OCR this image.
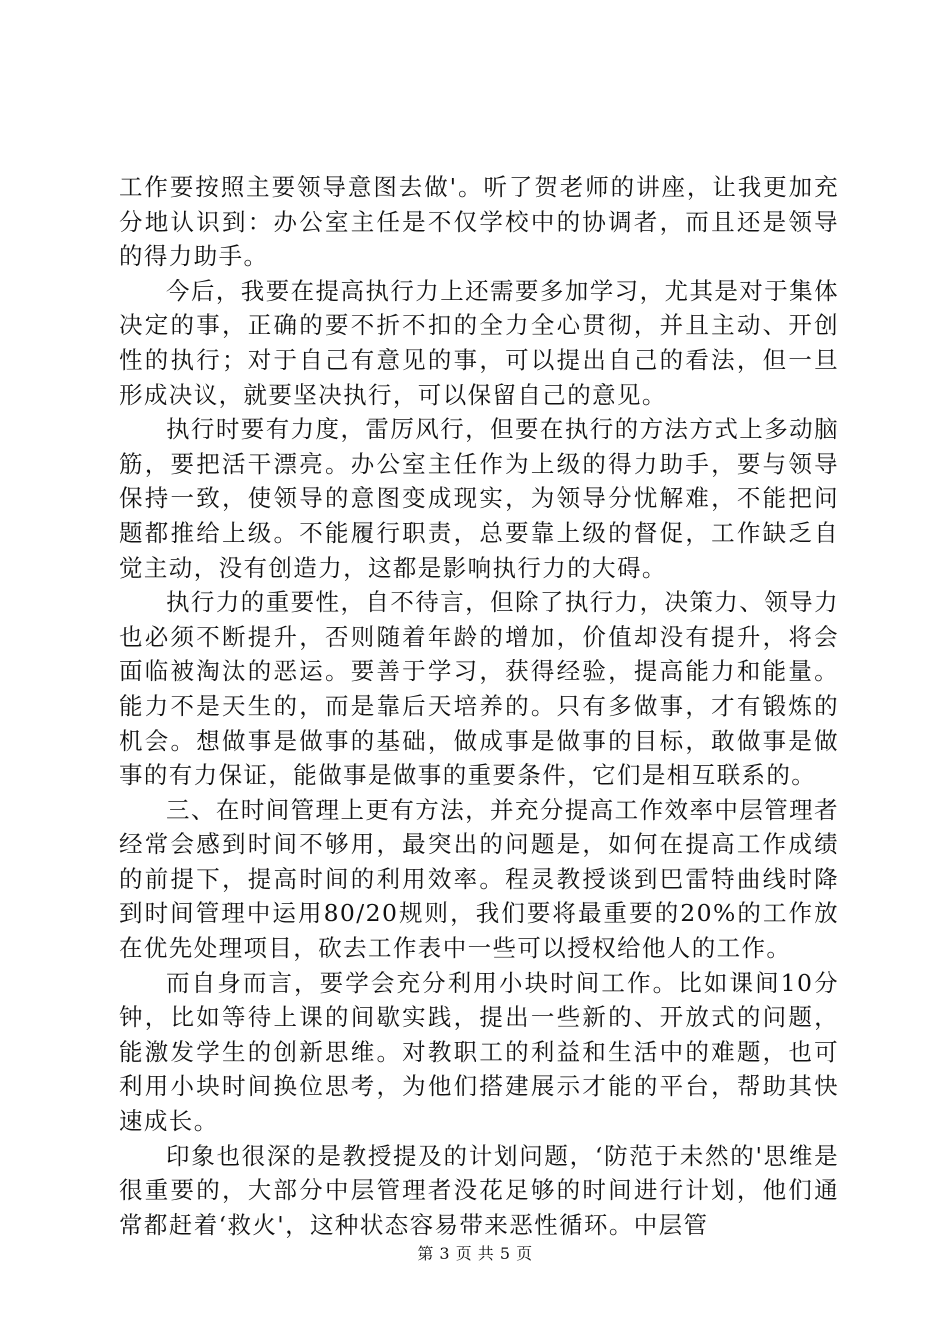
工作要按照主要领导意图去做'。听了贺老师的讲座，让我更加充分地认识到：办公室主任是不仅学校中的协调者，而且还是领导的得力助手。

今后，我要在提高执行力上还需要多加学习，尤其是对于集体决定的事，正确的要不折不扣的全力全心贯彻，并且主动、开创性的执行；对于自己有意见的事，可以提出自己的看法，但一旦形成决议，就要坚决执行，可以保留自己的意见。

执行时要有力度，雷厉风行，但要在执行的方法方式上多动脑筋，要把活干漂亮。办公室主任作为上级的得力助手，要与领导保持一致，使领导的意图变成现实，为领导分忧解难，不能把问题都推给上级。不能履行职责，总要靠上级的督促，工作缺乏自觉主动，没有创造力，这都是影响执行力的大碍。

执行力的重要性，自不待言，但除了执行力，决策力、领导力也必须不断提升，否则随着年龄的增加，价值却没有提升，将会面临被淘汰的恶运。要善于学习，获得经验，提高能力和能量。能力不是天生的，而是靠后天培养的。只有多做事，才有锻炼的机会。想做事是做事的基础，做成事是做事的目标，敢做事是做事的有力保证，能做事是做事的重要条件，它们是相互联系的。

三、在时间管理上更有方法，并充分提高工作效率中层管理者经常会感到时间不够用，最突出的问题是，如何在提高工作成绩的前提下，提高时间的利用效率。程灵教授谈到巴雷特曲线时降到时间管理中运用80/20规则，我们要将最重要的20%的工作放在优先处理项目，砍去工作表中一些可以授权给他人的工作。

而自身而言，要学会充分利用小块时间工作。比如课间10分钟，比如等待上课的间歇实践，提出一些新的、开放式的问题，能激发学生的创新思维。对教职工的利益和生活中的难题，也可利用小块时间换位思考，为他们搭建展示才能的平台，帮助其快速成长。

印象也很深的是教授提及的计划问题，‘防范于未然的'思维是很重要的，大部分中层管理者没花足够的时间进行计划，他们通常都赶着‘救火'，这种状态容易带来恶性循环。中层管

第 3 页 共 5 页
